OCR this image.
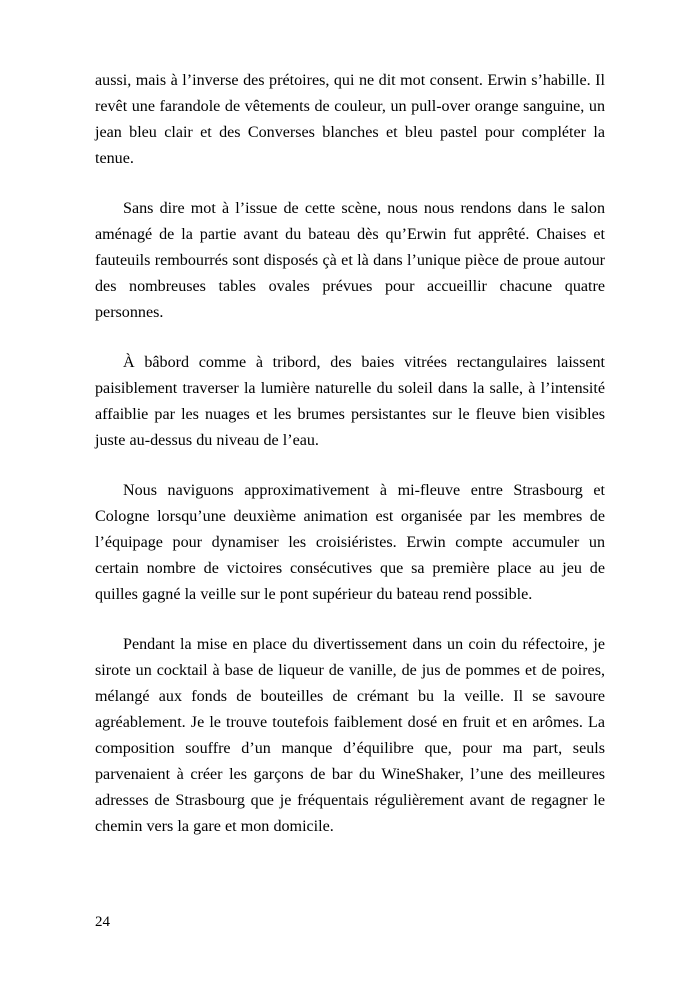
aussi, mais à l’inverse des prétoires, qui ne dit mot consent. Erwin s’habille. Il revêt une farandole de vêtements de couleur, un pull-over orange sanguine, un jean bleu clair et des Converses blanches et bleu pastel pour compléter la tenue.

Sans dire mot à l’issue de cette scène, nous nous rendons dans le salon aménagé de la partie avant du bateau dès qu’Erwin fut apprêté. Chaises et fauteuils rembourrés sont disposés çà et là dans l’unique pièce de proue autour des nombreuses tables ovales prévues pour accueillir chacune quatre personnes.

À bâbord comme à tribord, des baies vitrées rectangulaires laissent paisiblement traverser la lumière naturelle du soleil dans la salle, à l’intensité affaiblie par les nuages et les brumes persistantes sur le fleuve bien visibles juste au-dessus du niveau de l’eau.

Nous naviguons approximativement à mi-fleuve entre Strasbourg et Cologne lorsqu’une deuxième animation est organisée par les membres de l’équipage pour dynamiser les croisiéristes. Erwin compte accumuler un certain nombre de victoires consécutives que sa première place au jeu de quilles gagné la veille sur le pont supérieur du bateau rend possible.

Pendant la mise en place du divertissement dans un coin du réfectoire, je sirote un cocktail à base de liqueur de vanille, de jus de pommes et de poires, mélangé aux fonds de bouteilles de crémant bu la veille. Il se savoure agréablement. Je le trouve toutefois faiblement dosé en fruit et en arômes. La composition souffre d’un manque d’équilibre que, pour ma part, seuls parvenaient à créer les garçons de bar du WineShaker, l’une des meilleures adresses de Strasbourg que je fréquentais régulièrement avant de regagner le chemin vers la gare et mon domicile.

24
